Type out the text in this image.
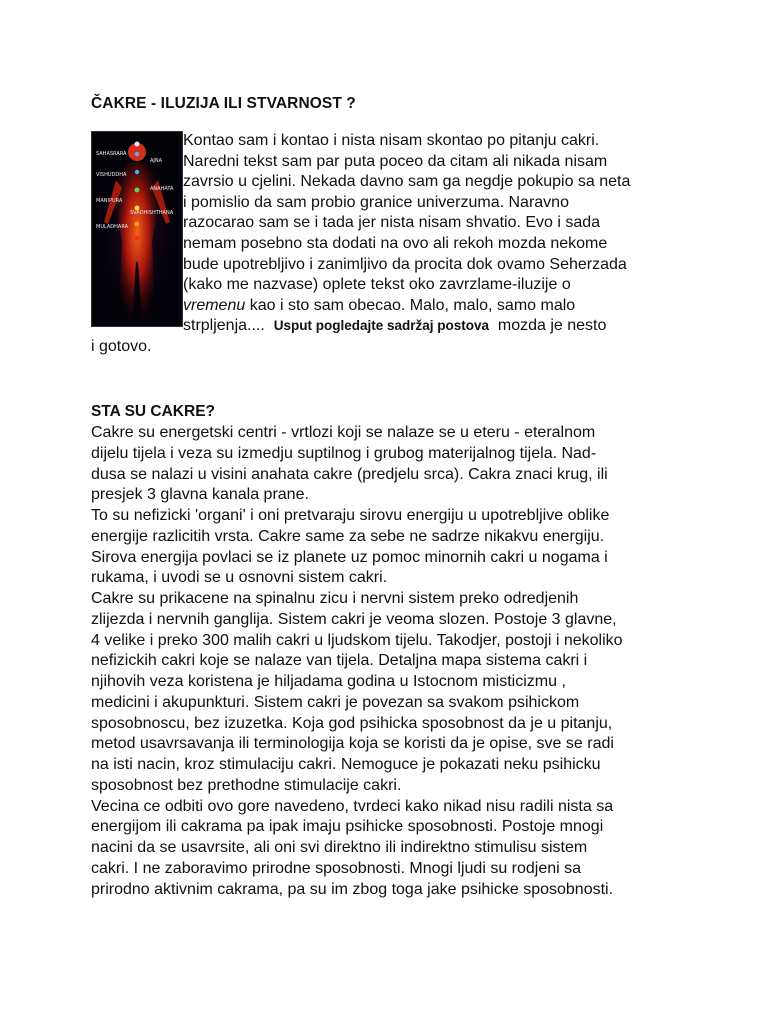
ČAKRE - ILUZIJA ILI STVARNOST ?
Kontao sam i kontao i nista nisam skontao po pitanju cakri.
Naredni tekst sam par puta poceo da citam ali nikada nisam
zavrsio u cjelini. Nekada davno sam ga negdje pokupio sa neta
i pomislio da sam probio granice univerzuma. Naravno
razocarao sam se i tada jer nista nisam shvatio. Evo i sada
nemam posebno sta dodati na ovo ali rekoh mozda nekome
bude upotrebljivo i zanimljivo da procita dok ovamo Seherzada
(kako me nazvase) oplete tekst oko zavrzlame-iluzije o
vremenu kao i sto sam obecao. Malo, malo, samo malo
strpljenja....  Usput pogledajte sadržaj postova  mozda je nesto
i gotovo.
SAHASRARA
AJNA
VISHUDDHA
ANAHATA
MANIPURA
SVADHISHTHANA
MULADHARA
STA SU CAKRE?
Cakre su energetski centri - vrtlozi koji se nalaze se u eteru - eteralnom
dijelu tijela i veza su izmedju suptilnog i grubog materijalnog tijela. Nad-
dusa se nalazi u visini anahata cakre (predjelu srca). Cakra znaci krug, ili
presjek 3 glavna kanala prane.
To su nefizicki 'organi' i oni pretvaraju sirovu energiju u upotrebljive oblike
energije razlicitih vrsta. Cakre same za sebe ne sadrze nikakvu energiju.
Sirova energija povlaci se iz planete uz pomoc minornih cakri u nogama i
rukama, i uvodi se u osnovni sistem cakri.
Cakre su prikacene na spinalnu zicu i nervni sistem preko odredjenih
zlijezda i nervnih ganglija. Sistem cakri je veoma slozen. Postoje 3 glavne,
4 velike i preko 300 malih cakri u ljudskom tijelu. Takodjer, postoji i nekoliko
nefizickih cakri koje se nalaze van tijela. Detaljna mapa sistema cakri i
njihovih veza koristena je hiljadama godina u Istocnom misticizmu ,
medicini i akupunkturi. Sistem cakri je povezan sa svakom psihickom
sposobnoscu, bez izuzetka. Koja god psihicka sposobnost da je u pitanju,
metod usavrsavanja ili terminologija koja se koristi da je opise, sve se radi
na isti nacin, kroz stimulaciju cakri. Nemoguce je pokazati neku psihicku
sposobnost bez prethodne stimulacije cakri.
Vecina ce odbiti ovo gore navedeno, tvrdeci kako nikad nisu radili nista sa
energijom ili cakrama pa ipak imaju psihicke sposobnosti. Postoje mnogi
nacini da se usavrsite, ali oni svi direktno ili indirektno stimulisu sistem
cakri. I ne zaboravimo prirodne sposobnosti. Mnogi ljudi su rodjeni sa
prirodno aktivnim cakrama, pa su im zbog toga jake psihicke sposobnosti.
